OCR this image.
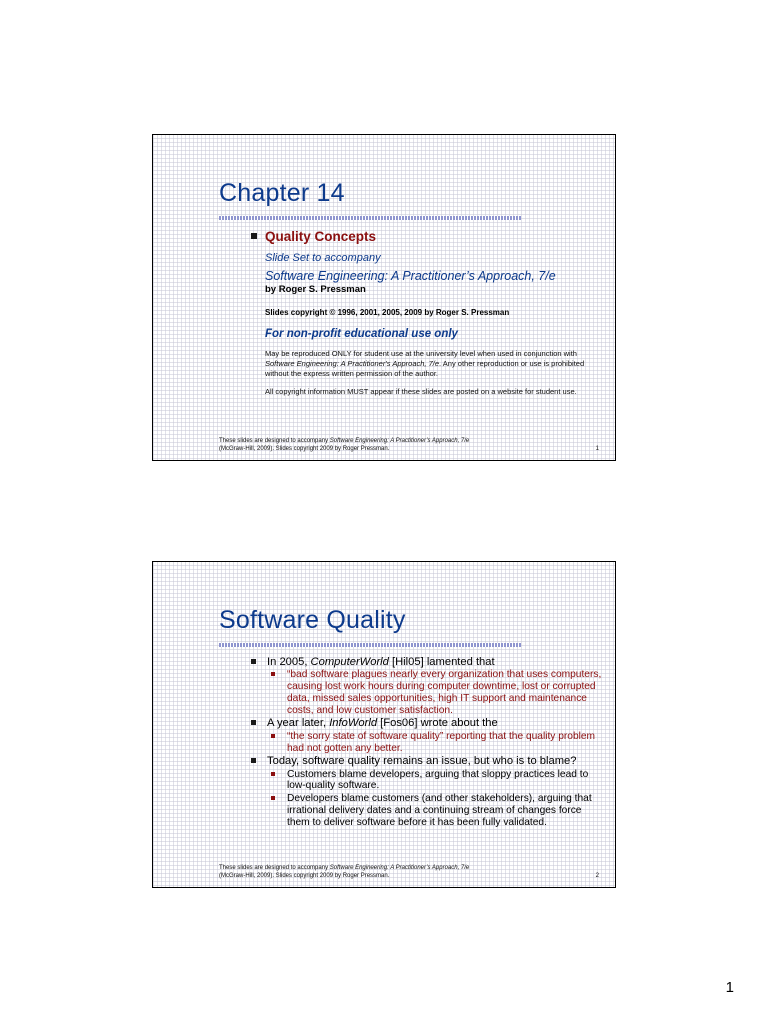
Chapter 14
Quality Concepts

Slide Set to accompany

Software Engineering: A Practitioner’s Approach, 7/e

by Roger S. Pressman

Slides copyright © 1996, 2001, 2005, 2009 by Roger S. Pressman

For non-profit educational use only

May be reproduced ONLY for student use at the university level when used in conjunction with Software Engineering: A Practitioner's Approach, 7/e. Any other reproduction or use is prohibited without the express written permission of the author.

All copyright information MUST appear if these slides are posted on a website for student use.

These slides are designed to accompany Software Engineering: A Practitioner’s Approach, 7/e
(McGraw-Hill, 2009). Slides copyright 2009 by Roger Pressman.	1
Software Quality
In 2005, ComputerWorld [Hil05] lamented that
“bad software plagues nearly every organization that uses computers, causing lost work hours during computer downtime, lost or corrupted data, missed sales opportunities, high IT support and maintenance costs, and low customer satisfaction.
A year later, InfoWorld [Fos06] wrote about the
“the sorry state of software quality” reporting that the quality problem had not gotten any better.
Today, software quality remains an issue, but who is to blame?
Customers blame developers, arguing that sloppy practices lead to low-quality software.
Developers blame customers (and other stakeholders), arguing that irrational delivery dates and a continuing stream of changes force them to deliver software before it has been fully validated.
These slides are designed to accompany Software Engineering: A Practitioner’s Approach, 7/e
(McGraw-Hill, 2009). Slides copyright 2009 by Roger Pressman.	2
1
